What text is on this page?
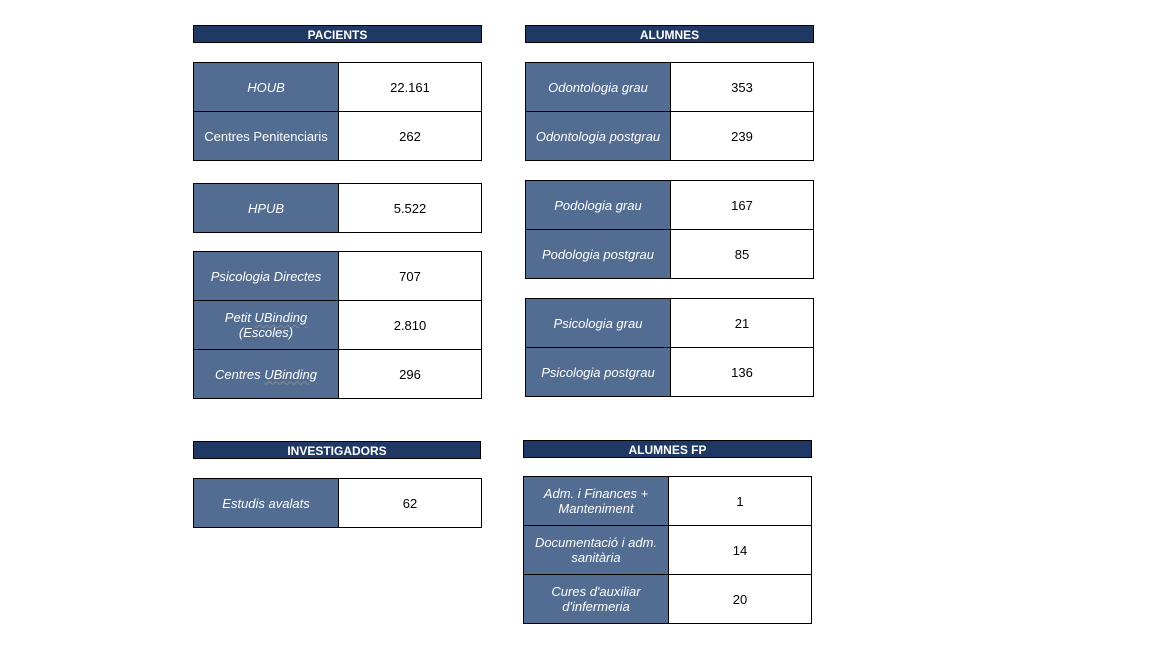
PACIENTS
HOUB	22.161
Centres Penitenciaris	262
HPUB	5.522
Psicologia Directes	707
Petit UBinding
(Escoles)	2.810
Centres UBinding	296
ALUMNES
Odontologia grau	353
Odontologia postgrau	239
Podologia grau	167
Podologia postgrau	85
Psicologia grau	21
Psicologia postgrau	136
INVESTIGADORS
Estudis avalats	62
ALUMNES FP
Adm. i Finances +
Manteniment	1
Documentació i adm.
sanitària	14
Cures d'auxiliar
d'infermeria	20
